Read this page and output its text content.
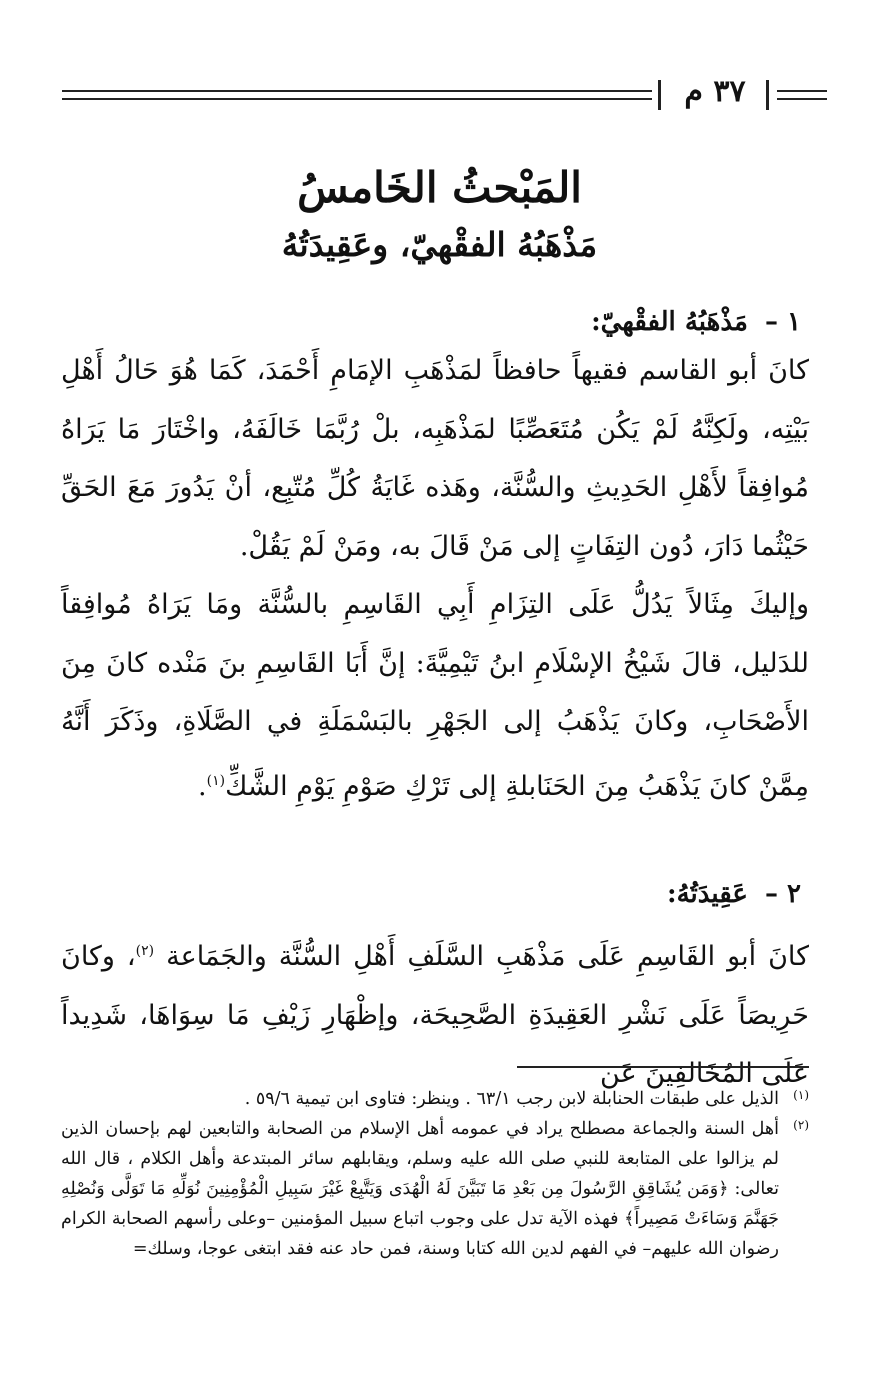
٣٧ م
المَبْحثُ الخَامسُ
مَذْهَبُهُ الفقْهيّ، وعَقِيدَتُهُ
١ – مَذْهَبُهُ الفقْهيّ:
كانَ أبو القاسم فقيهاً حافظاً لمَذْهَبِ الإمَامِ أَحْمَدَ، كَمَا هُوَ حَالُ أَهْلِ بَيْتِه، ولَكِنَّهُ لَمْ يَكُن مُتَعَصِّبًا لمَذْهَبِه، بلْ رُبَّمَا خَالَفَهُ، واخْتَارَ مَا يَرَاهُ مُوافِقاً لأَهْلِ الحَدِيثِ والسُّنَّة، وهَذه غَايَةُ كُلِّ مُتّبِع، أنْ يَدُورَ مَعَ الحَقِّ حَيْثُما دَارَ، دُون التِفَاتٍ إلى مَنْ قَالَ به، ومَنْ لَمْ يَقُلْ.
وإليكَ مِثَالاً يَدُلُّ عَلَى التِزَامِ أَبِي القَاسِمِ بالسُّنَّة ومَا يَرَاهُ مُوافِقاً للدَليل، قالَ شَيْخُ الإسْلَامِ ابنُ تَيْمِيَّةَ: إنَّ أَبَا القَاسِمِ بنَ مَنْده كانَ مِنَ الأَصْحَابِ، وكانَ يَذْهَبُ إلى الجَهْرِ بالبَسْمَلَةِ في الصَّلَاةِ، وذَكَرَ أَنَّهُ مِمَّنْ كانَ يَذْهَبُ مِنَ الحَنَابلةِ إلى تَرْكِ صَوْمِ يَوْمِ الشَّكِّ$^{(١)}$.
٢ – عَقِيدَتُهُ:
كانَ أبو القَاسِمِ عَلَى مَذْهَبِ السَّلَفِ أَهْلِ السُّنَّة والجَمَاعة $^{(٢)}$، وكانَ حَرِيصَاً عَلَى نَشْرِ العَقِيدَةِ الصَّحِيحَة، وإظْهَارِ زَيْفِ مَا سِوَاهَا، شَدِيداً عَلَى المُخَالفِينَ عَن
(١)
الذيل على طبقات الحنابلة لابن رجب ٦٣/١ . وينظر: فتاوى ابن تيمية ٥٩/٦ .
(٢)
أهل السنة والجماعة مصطلح يراد في عمومه أهل الإسلام من الصحابة والتابعين لهم بإحسان الذين لم يزالوا على المتابعة للنبي صلى الله عليه وسلم، ويقابلهم سائر المبتدعة وأهل الكلام ، قال الله تعالى: ﴿وَمَن يُشَاقِقِ الرَّسُولَ مِن بَعْدِ مَا تَبَيَّنَ لَهُ الْهُدَى وَيَتَّبِعْ غَيْرَ سَبِيلِ الْمُؤْمِنِينَ نُوَلِّهِ مَا تَوَلَّى وَنُصْلِهِ جَهَنَّمَ وَسَاءَتْ مَصِيراً﴾ فهذه الآية تدل على وجوب اتباع سبيل المؤمنين –وعلى رأسهم الصحابة الكرام رضوان الله عليهم– في الفهم لدين الله كتابا وسنة، فمن حاد عنه فقد ابتغى عوجا، وسلك=
